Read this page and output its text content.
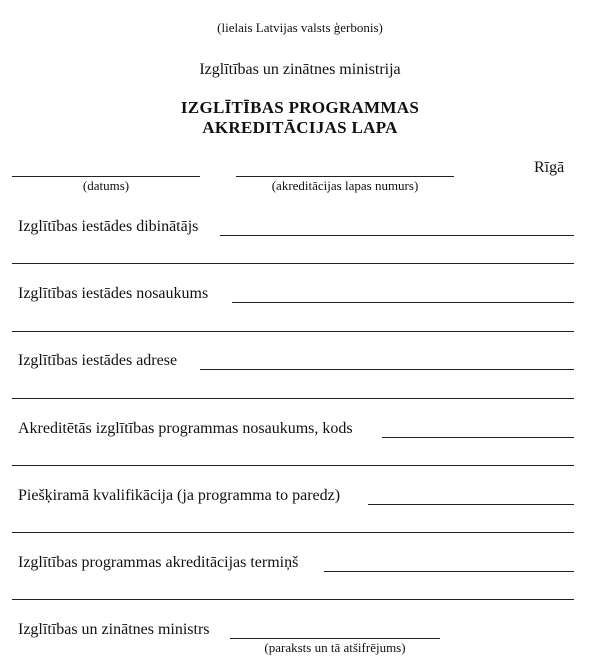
(lielais Latvijas valsts ģerbonis)
Izglītības un zinātnes ministrija
IZGLĪTĪBAS PROGRAMMAS
AKREDITĀCIJAS LAPA
(datums)	(akreditācijas lapas numurs)
Rīgā
Izglītības iestādes dibinātājs
Izglītības iestādes nosaukums
Izglītības iestādes adrese
Akreditētās izglītības programmas nosaukums, kods
Piešķiramā kvalifikācija (ja programma to paredz)
Izglītības programmas akreditācijas termiņš
Izglītības un zinātnes ministrs
(paraksts un tā atšifrējums)
